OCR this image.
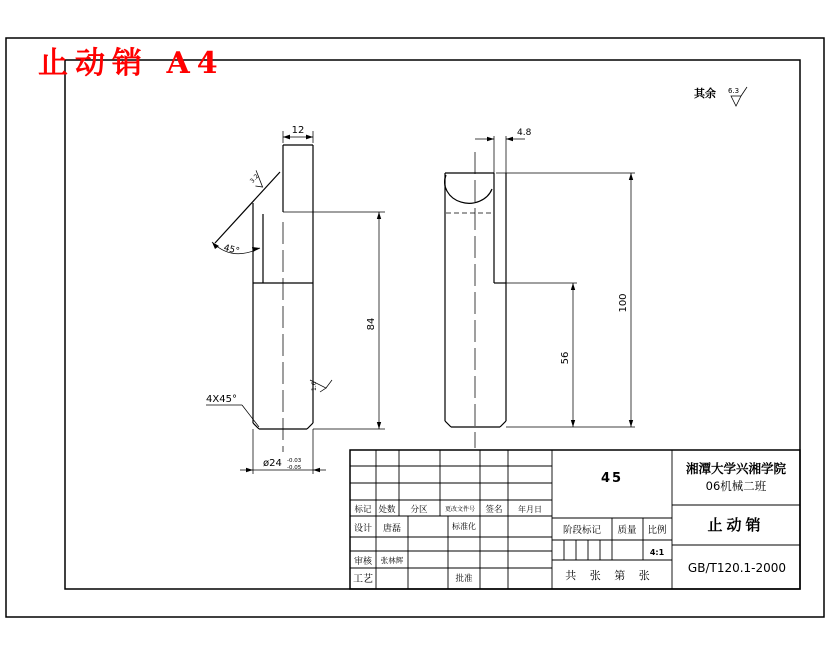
其余 6.3
12
84
ø24 -0.03
-0.05
45°
4X45°
3.2
1.6
4.8
56
100
标记 处数 分区	更改文件号 签名 年月日
设计 唐磊	标准化
审核 张林辉
工艺	批准
45
阶段标记 质量 比例
4:1
共 张 第 张
湘潭大学兴湘学院
06机械二班
止动销
GB/T120.1-2000
止动销 A4
